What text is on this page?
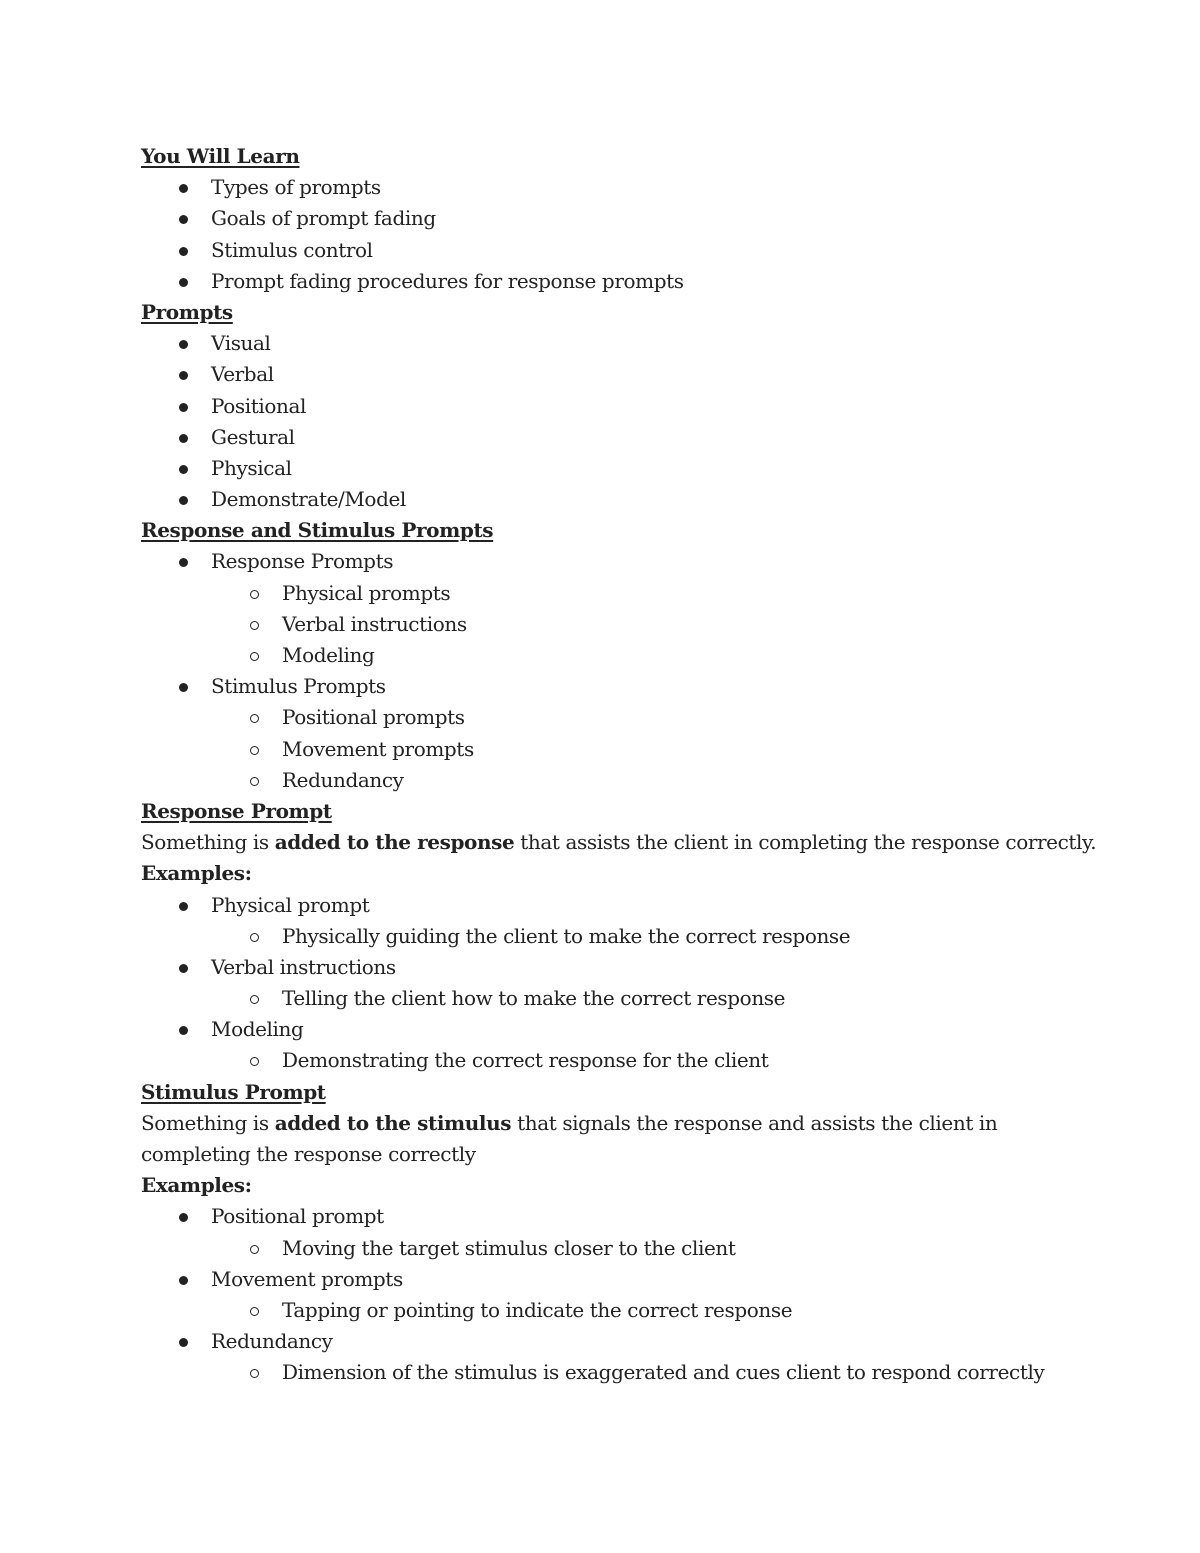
You Will Learn
Types of prompts
Goals of prompt fading
Stimulus control
Prompt fading procedures for response prompts
Prompts
Visual
Verbal
Positional
Gestural
Physical
Demonstrate/Model
Response and Stimulus Prompts
Response Prompts
Physical prompts
Verbal instructions
Modeling
Stimulus Prompts
Positional prompts
Movement prompts
Redundancy
Response Prompt
Something is added to the response that assists the client in completing the response correctly.
Examples:
Physical prompt
Physically guiding the client to make the correct response
Verbal instructions
Telling the client how to make the correct response
Modeling
Demonstrating the correct response for the client
Stimulus Prompt
Something is added to the stimulus that signals the response and assists the client in completing the response correctly
Examples:
Positional prompt
Moving the target stimulus closer to the client
Movement prompts
Tapping or pointing to indicate the correct response
Redundancy
Dimension of the stimulus is exaggerated and cues client to respond correctly
